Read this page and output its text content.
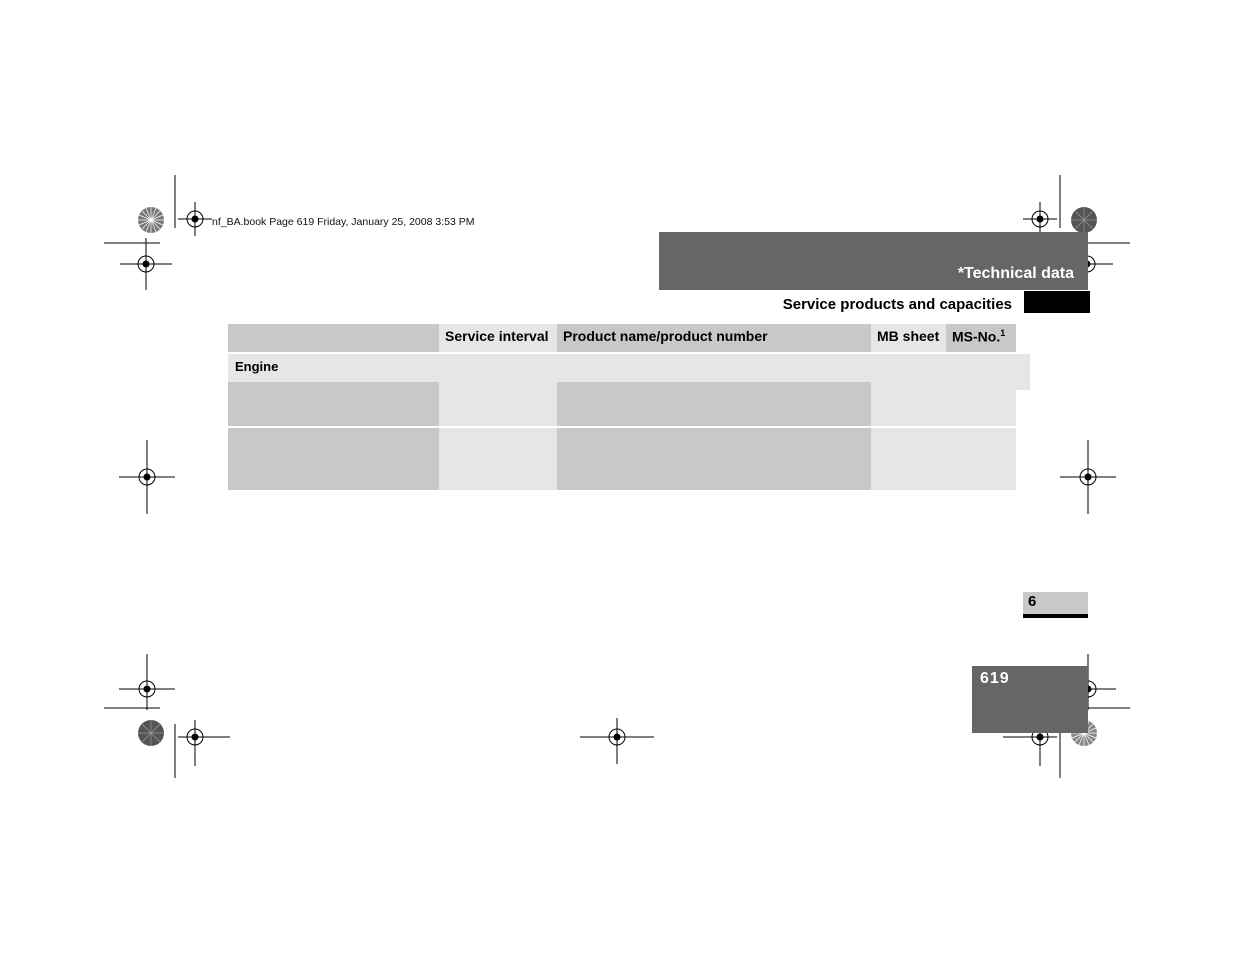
nf_BA.book Page 619 Friday, January 25, 2008 3:53 PM
*Technical data
Service products and capacities
Service interval	Product name/product number	MB sheet MS-No.$^1$
Engine
6
619
